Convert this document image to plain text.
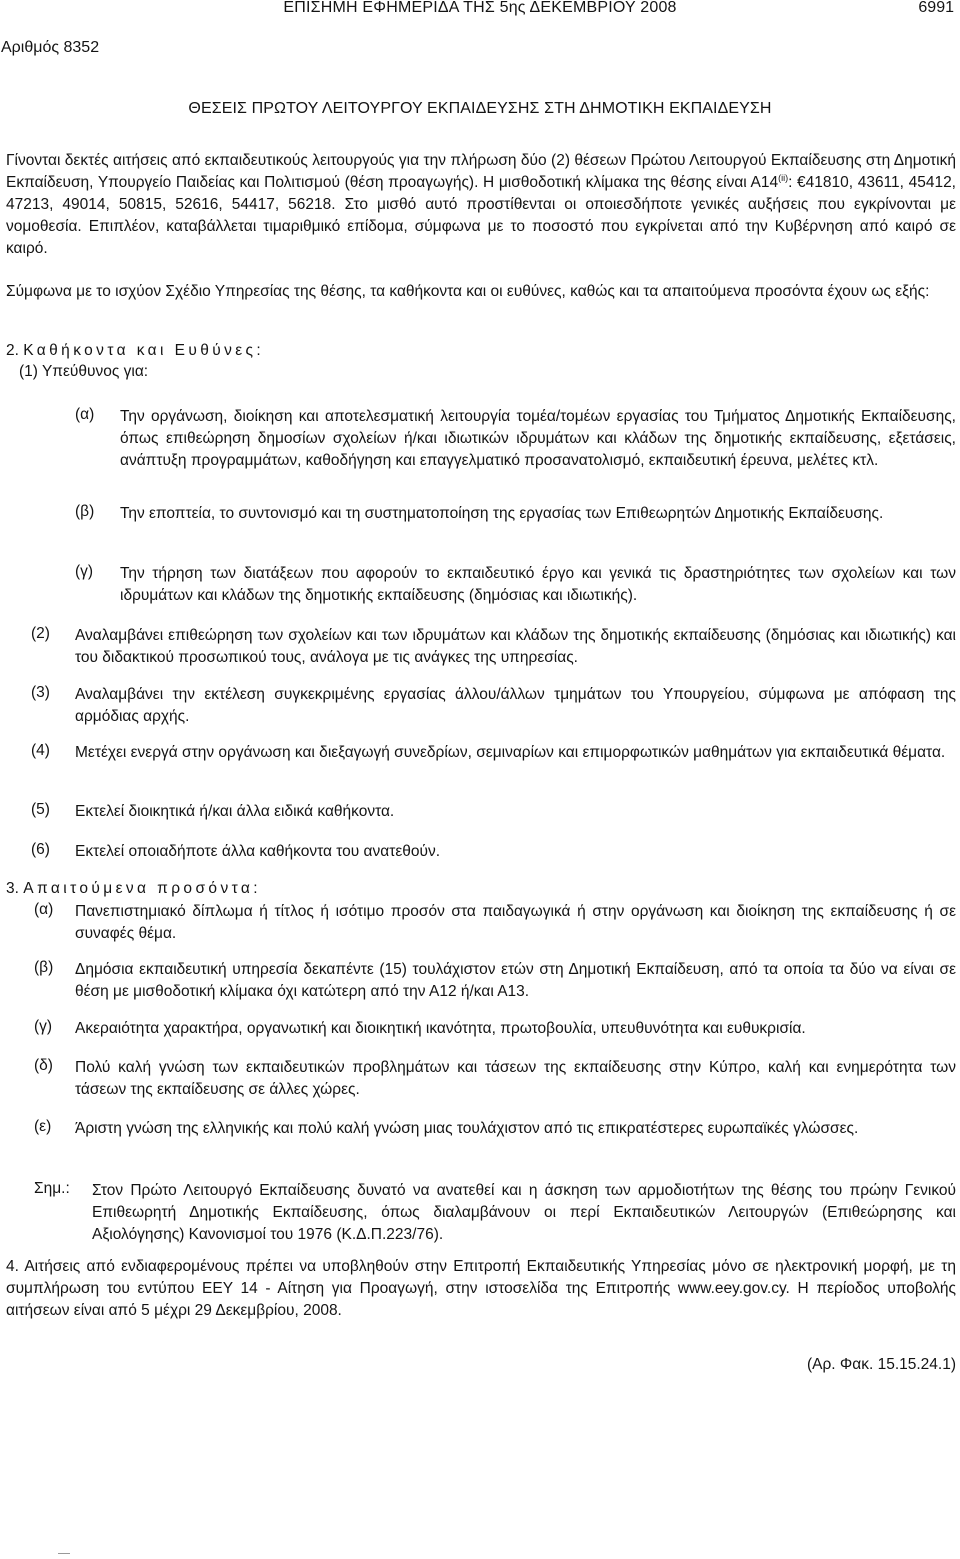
ΕΠΙΣΗΜΗ ΕΦΗΜΕΡΙΔΑ ΤΗΣ 5ης ΔΕΚΕΜΒΡΙΟΥ 2008	6991
Αριθμός 8352
ΘΕΣΕΙΣ ΠΡΩΤΟΥ ΛΕΙΤΟΥΡΓΟΥ ΕΚΠΑΙΔΕΥΣΗΣ ΣΤΗ ΔΗΜΟΤΙΚΗ ΕΚΠΑΙΔΕΥΣΗ
Γίνονται δεκτές αιτήσεις από εκπαιδευτικούς λειτουργούς για την πλήρωση δύο (2) θέσεων Πρώτου Λειτουργού Εκπαίδευσης στη Δημοτική Εκπαίδευση, Υπουργείο Παιδείας και Πολιτισμού (θέση προαγωγής). Η μισθοδοτική κλίμακα της θέσης είναι Α14$^{(ii)}$: €41810, 43611, 45412, 47213, 49014, 50815, 52616, 54417, 56218. Στο μισθό αυτό προστίθενται οι οποιεσδήποτε γενικές αυξήσεις που εγκρίνονται με νομοθεσία. Επιπλέον, καταβάλλεται τιμαριθμικό επίδομα, σύμφωνα με το ποσοστό που εγκρίνεται από την Κυβέρνηση από καιρό σε καιρό.
Σύμφωνα με το ισχύον Σχέδιο Υπηρεσίας της θέσης, τα καθήκοντα και οι ευθύνες, καθώς και τα απαιτούμενα προσόντα έχουν ως εξής:
2. Καθήκοντα και Ευθύνες:
(1) Υπεύθυνος για:
(α) Την οργάνωση, διοίκηση και αποτελεσματική λειτουργία τομέα/τομέων εργασίας του Τμήματος Δημοτικής Εκπαίδευσης, όπως επιθεώρηση δημοσίων σχολείων ή/και ιδιωτικών ιδρυμάτων και κλάδων της δημοτικής εκπαίδευσης, εξετάσεις, ανάπτυξη προγραμμάτων, καθοδήγηση και επαγγελματικό προσανατολισμό, εκπαιδευτική έρευνα, μελέτες κτλ.
(β) Την εποπτεία, το συντονισμό και τη συστηματοποίηση της εργασίας των Επιθεωρητών Δημοτικής Εκπαίδευσης.
(γ) Την τήρηση των διατάξεων που αφορούν το εκπαιδευτικό έργο και γενικά τις δραστηριότητες των σχολείων και των ιδρυμάτων και κλάδων της δημοτικής εκπαίδευσης (δημόσιας και ιδιωτικής).
(2) Αναλαμβάνει επιθεώρηση των σχολείων και των ιδρυμάτων και κλάδων της δημοτικής εκπαίδευσης (δημόσιας και ιδιωτικής) και του διδακτικού προσωπικού τους, ανάλογα με τις ανάγκες της υπηρεσίας.
(3) Αναλαμβάνει την εκτέλεση συγκεκριμένης εργασίας άλλου/άλλων τμημάτων του Υπουργείου, σύμφωνα με απόφαση της αρμόδιας αρχής.
(4) Μετέχει ενεργά στην οργάνωση και διεξαγωγή συνεδρίων, σεμιναρίων και επιμορφωτικών μαθημάτων για εκπαιδευτικά θέματα.
(5) Εκτελεί διοικητικά ή/και άλλα ειδικά καθήκοντα.
(6) Εκτελεί οποιαδήποτε άλλα καθήκοντα του ανατεθούν.
3. Απαιτούμενα προσόντα:
(α) Πανεπιστημιακό δίπλωμα ή τίτλος ή ισότιμο προσόν στα παιδαγωγικά ή στην οργάνωση και διοίκηση της εκπαίδευσης ή σε συναφές θέμα.
(β) Δημόσια εκπαιδευτική υπηρεσία δεκαπέντε (15) τουλάχιστον ετών στη Δημοτική Εκπαίδευση, από τα οποία τα δύο να είναι σε θέση με μισθοδοτική κλίμακα όχι κατώτερη από την Α12 ή/και Α13.
(γ) Ακεραιότητα χαρακτήρα, οργανωτική και διοικητική ικανότητα, πρωτοβουλία, υπευθυνότητα και ευθυκρισία.
(δ) Πολύ καλή γνώση των εκπαιδευτικών προβλημάτων και τάσεων της εκπαίδευσης στην Κύπρο, καλή και ενημερότητα των τάσεων της εκπαίδευσης σε άλλες χώρες.
(ε) Άριστη γνώση της ελληνικής και πολύ καλή γνώση μιας τουλάχιστον από τις επικρατέστερες ευρωπαϊκές γλώσσες.
Σημ.: Στον Πρώτο Λειτουργό Εκπαίδευσης δυνατό να ανατεθεί και η άσκηση των αρμοδιοτήτων της θέσης του πρώην Γενικού Επιθεωρητή Δημοτικής Εκπαίδευσης, όπως διαλαμβάνουν οι περί Εκπαιδευτικών Λειτουργών (Επιθεώρησης και Αξιολόγησης) Κανονισμοί του 1976 (Κ.Δ.Π.223/76).
4. Αιτήσεις από ενδιαφερομένους πρέπει να υποβληθούν στην Επιτροπή Εκπαιδευτικής Υπηρεσίας μόνο σε ηλεκτρονική μορφή, με τη συμπλήρωση του εντύπου ΕΕΥ 14 - Αίτηση για Προαγωγή, στην ιστοσελίδα της Επιτροπής www.eey.gov.cy. Η περίοδος υποβολής αιτήσεων είναι από 5 μέχρι 29 Δεκεμβρίου, 2008.
(Αρ. Φακ. 15.15.24.1)
